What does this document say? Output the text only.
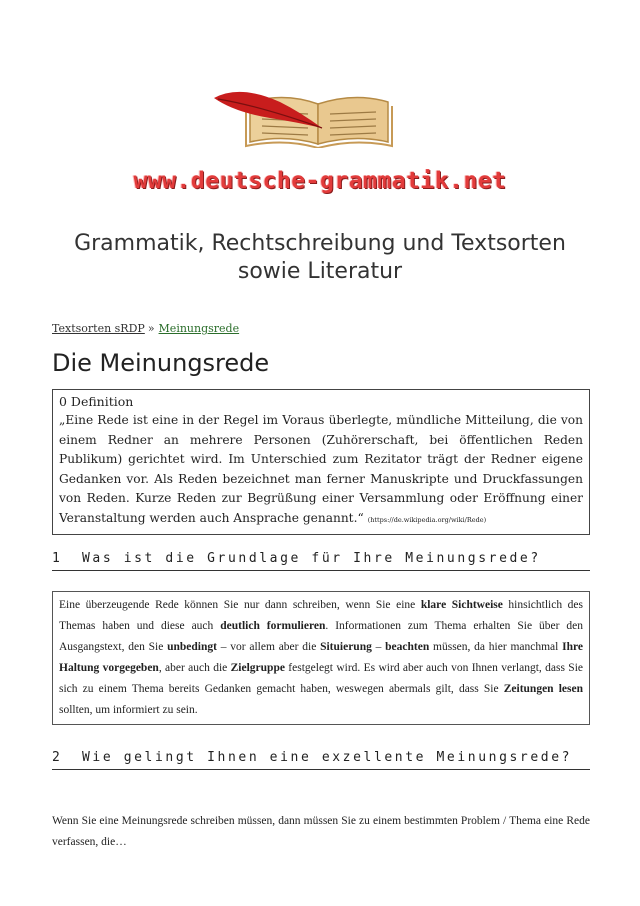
www.deutsche-grammatik.net
Grammatik, Rechtschreibung und Textsorten sowie Literatur
Textsorten sRDP » Meinungsrede
Die Meinungsrede
0 Definition

„Eine Rede ist eine in der Regel im Voraus überlegte, mündliche Mitteilung, die von einem Redner an mehrere Personen (Zuhörerschaft, bei öffentlichen Reden Publikum) gerichtet wird. Im Unterschied zum Rezitator trägt der Redner eigene Gedanken vor. Als Reden bezeichnet man ferner Manuskripte und Druckfassungen von Reden. Kurze Reden zur Begrüßung einer Versammlung oder Eröffnung einer Veranstaltung werden auch Ansprache genannt.“ (https://de.wikipedia.org/wiki/Rede)

1 Was ist die Grundlage für Ihre Meinungsrede?
Eine überzeugende Rede können Sie nur dann schreiben, wenn Sie eine klare Sichtweise hinsichtlich des Themas haben und diese auch deutlich formulieren. Informationen zum Thema erhalten Sie über den Ausgangstext, den Sie unbedingt – vor allem aber die Situierung – beachten müssen, da hier manchmal Ihre Haltung vorgegeben, aber auch die Zielgruppe festgelegt wird. Es wird aber auch von Ihnen verlangt, dass Sie sich zu einem Thema bereits Gedanken gemacht haben, weswegen abermals gilt, dass Sie Zeitungen lesen sollten, um informiert zu sein.
2 Wie gelingt Ihnen eine exzellente Meinungsrede?

Wenn Sie eine Meinungsrede schreiben müssen, dann müssen Sie zu einem bestimmten Problem / Thema eine Rede verfassen, die…
